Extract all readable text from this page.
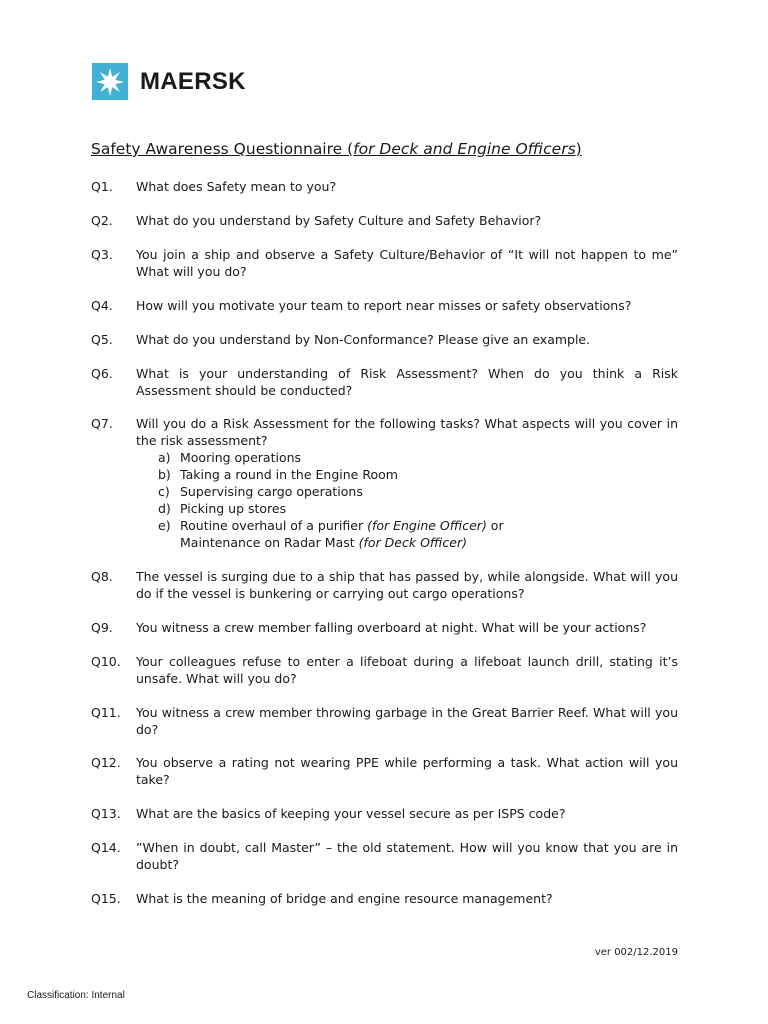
MAERSK
Safety Awareness Questionnaire (for Deck and Engine Officers)
Q1. What does Safety mean to you?
Q2. What do you understand by Safety Culture and Safety Behavior?
Q3. You join a ship and observe a Safety Culture/Behavior of “It will not happen to me” What will you do?
Q4. How will you motivate your team to report near misses or safety observations?
Q5. What do you understand by Non-Conformance? Please give an example.
Q6. What is your understanding of Risk Assessment? When do you think a Risk Assessment should be conducted?
Q7. Will you do a Risk Assessment for the following tasks? What aspects will you cover in the risk assessment?
a) Mooring operations
b) Taking a round in the Engine Room
c) Supervising cargo operations
d) Picking up stores
e) Routine overhaul of a purifier (for Engine Officer) or
Maintenance on Radar Mast (for Deck Officer)
Q8. The vessel is surging due to a ship that has passed by, while alongside. What will you do if the vessel is bunkering or carrying out cargo operations?
Q9. You witness a crew member falling overboard at night. What will be your actions?
Q10. Your colleagues refuse to enter a lifeboat during a lifeboat launch drill, stating it’s unsafe. What will you do?
Q11. You witness a crew member throwing garbage in the Great Barrier Reef. What will you do?
Q12. You observe a rating not wearing PPE while performing a task. What action will you take?
Q13. What are the basics of keeping your vessel secure as per ISPS code?
Q14. ”When in doubt, call Master” – the old statement. How will you know that you are in doubt?
Q15. What is the meaning of bridge and engine resource management?
ver 002/12.2019
Classification: Internal
